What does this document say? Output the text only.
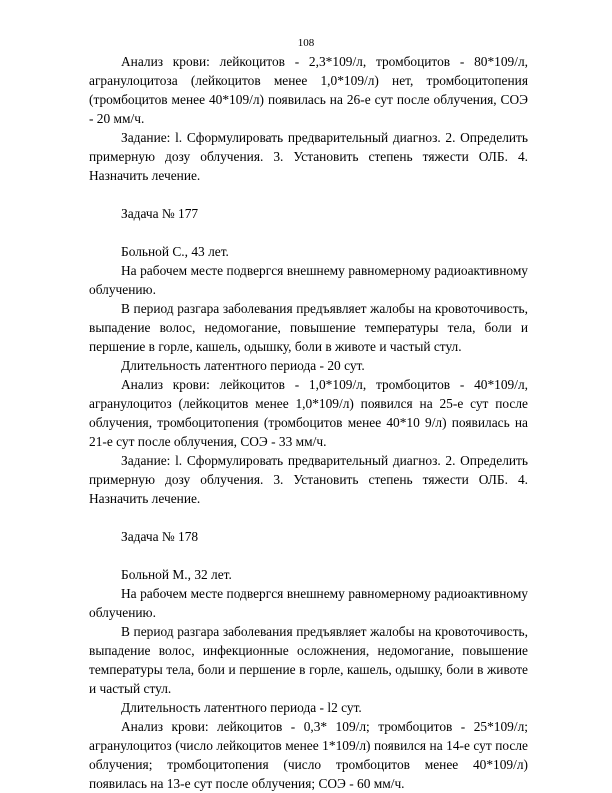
108

Анализ крови: лейкоцитов - 2,3*109/л, тромбоцитов - 80*109/л, агранулоцитоза (лейкоцитов менее 1,0*109/л) нет, тромбоцитопения (тромбоцитов менее 40*109/л) появилась на 26-е сут после облучения, СОЭ - 20 мм/ч.

Задание: l. Сформулировать предварительный диагноз. 2. Определить примерную дозу облучения. 3. Установить степень тяжести ОЛБ. 4. Назначить лечение.

Задача № 177

Больной С., 43 лет.

На рабочем месте подвергся внешнему равномерному радиоактивному облучению.

В период разгара заболевания предъявляет жалобы на кровоточивость, выпадение волос, недомогание, повышение температуры тела, боли и першение в горле, кашель, одышку, боли в животе и частый стул.

Длительность латентного периода - 20 сут.

Анализ крови: лейкоцитов - 1,0*109/л, тромбоцитов - 40*109/л, агранулоцитоз (лейкоцитов менее 1,0*109/л) появился на 25-е сут после облучения, тромбоцитопения (тромбоцитов менее 40*10 9/л) появилась на 21-е сут после облучения, СОЭ - 33 мм/ч.

Задание: l. Сформулировать предварительный диагноз. 2. Определить примерную дозу облучения. 3. Установить степень тяжести ОЛБ. 4. Назначить лечение.

Задача № 178

Больной М., 32 лет.

На рабочем месте подвергся внешнему равномерному радиоактивному облучению.

В период разгара заболевания предъявляет жалобы на кровоточивость, выпадение волос, инфекционные осложнения, недомогание, повышение температуры тела, боли и першение в горле, кашель, одышку, боли в животе и частый стул.

Длительность латентного периода - l2 сут.

Анализ крови: лейкоцитов - 0,3* 109/л; тромбоцитов - 25*109/л; агранулоцитоз (число лейкоцитов менее 1*109/л) появился на 14-е сут после облучения; тромбоцитопения (число тромбоцитов менее 40*109/л) появилась на 13-е сут после облучения; СОЭ - 60 мм/ч.
